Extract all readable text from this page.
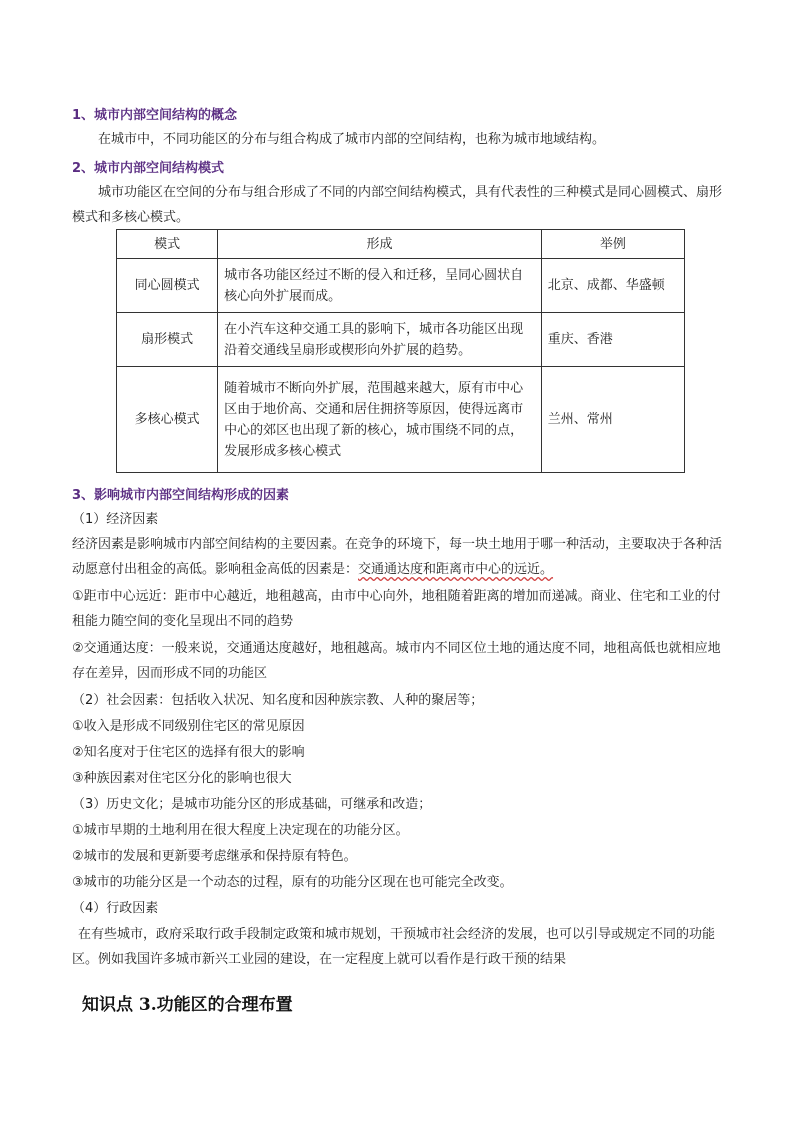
1、城市内部空间结构的概念
在城市中，不同功能区的分布与组合构成了城市内部的空间结构，也称为城市地域结构。
2、城市内部空间结构模式
城市功能区在空间的分布与组合形成了不同的内部空间结构模式，具有代表性的三种模式是同心圆模式、扇形模式和多核心模式。
模式	形成	举例
同心圆模式	城市各功能区经过不断的侵入和迁移，呈同心圆状自核心向外扩展而成。	北京、成都、华盛顿
扇形模式	在小汽车这种交通工具的影响下，城市各功能区出现沿着交通线呈扇形或楔形向外扩展的趋势。	重庆、香港
多核心模式	随着城市不断向外扩展，范围越来越大，原有市中心区由于地价高、交通和居住拥挤等原因，使得远离市中心的郊区也出现了新的核心，城市围绕不同的点，发展形成多核心模式	兰州、常州
3、影响城市内部空间结构形成的因素
（1）经济因素
经济因素是影响城市内部空间结构的主要因素。在竞争的环境下，每一块土地用于哪一种活动，主要取决于各种活动愿意付出租金的高低。影响租金高低的因素是：交通通达度和距离市中心的远近。
①距市中心远近：距市中心越近，地租越高，由市中心向外，地租随着距离的增加而递减。商业、住宅和工业的付租能力随空间的变化呈现出不同的趋势
②交通通达度：一般来说，交通通达度越好，地租越高。城市内不同区位土地的通达度不同，地租高低也就相应地存在差异，因而形成不同的功能区
（2）社会因素：包括收入状况、知名度和因种族宗教、人种的聚居等；
①收入是形成不同级别住宅区的常见原因
②知名度对于住宅区的选择有很大的影响
③种族因素对住宅区分化的影响也很大
（3）历史文化；是城市功能分区的形成基础，可继承和改造；
①城市早期的土地利用在很大程度上决定现在的功能分区。
②城市的发展和更新要考虑继承和保持原有特色。
③城市的功能分区是一个动态的过程，原有的功能分区现在也可能完全改变。
（4）行政因素
在有些城市，政府采取行政手段制定政策和城市规划，干预城市社会经济的发展，也可以引导或规定不同的功能区。例如我国许多城市新兴工业园的建设，在一定程度上就可以看作是行政干预的结果
知识点 3.功能区的合理布置
